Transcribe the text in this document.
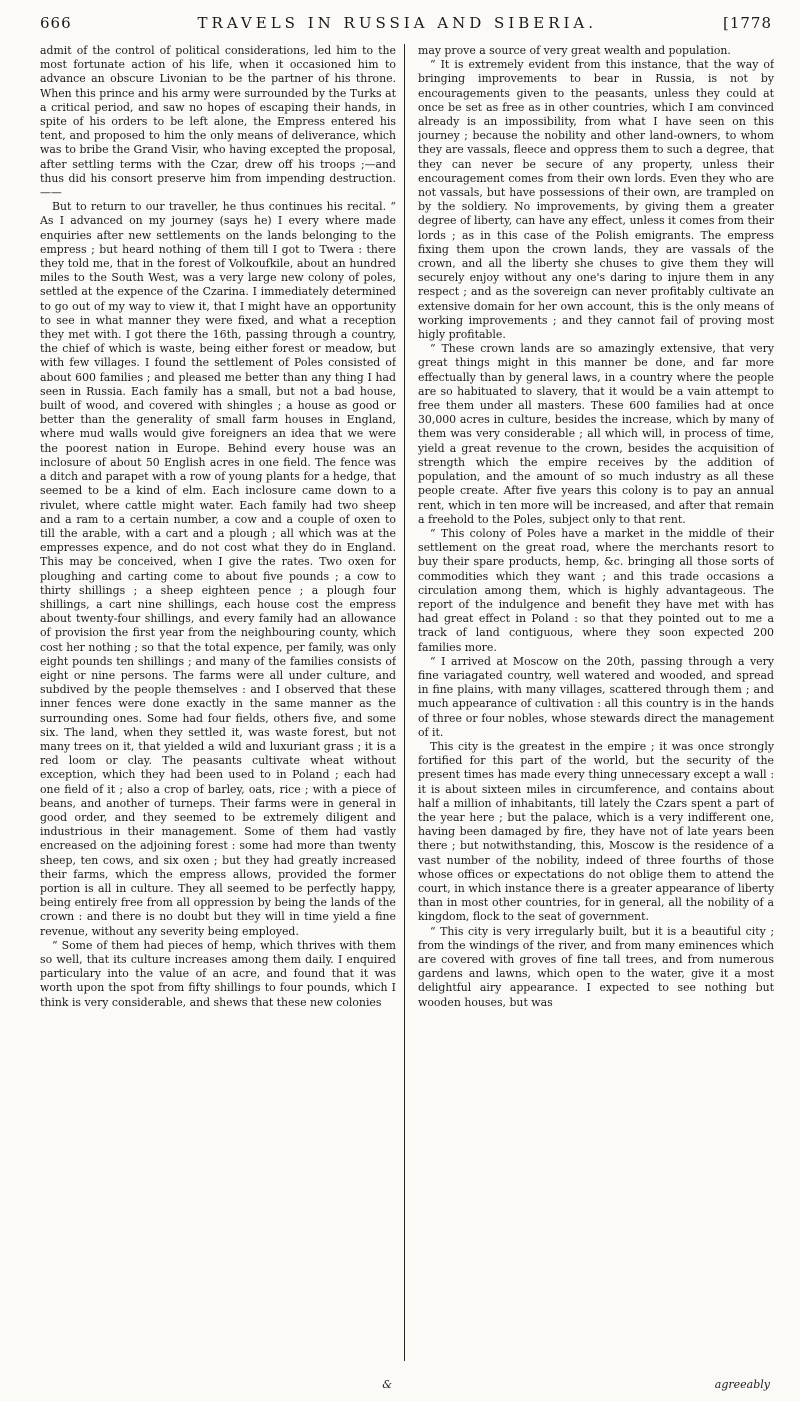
666	TRAVELS IN RUSSIA AND SIBERIA.	[1778

admit of the control of political considerations, led him to the most fortunate action of his life, when it occasioned him to advance an obscure Livonian to be the partner of his throne. When this prince and his army were surrounded by the Turks at a critical period, and saw no hopes of escaping their hands, in spite of his orders to be left alone, the Empress entered his tent, and proposed to him the only means of deliverance, which was to bribe the Grand Visir, who having excepted the proposal, after settling terms with the Czar, drew off his troops ;—and thus did his consort preserve him from impending destruction.——

But to return to our traveller, he thus continues his recital. “ As I advanced on my journey (says he) I every where made enquiries after new settlements on the lands belonging to the empress ; but heard nothing of them till I got to Twera : there they told me, that in the forest of Volkoufkile, about an hundred miles to the South West, was a very large new colony of poles, settled at the expence of the Czarina. I immediately determined to go out of my way to view it, that I might have an opportunity to see in what manner they were fixed, and what a reception they met with. I got there the 16th, passing through a country, the chief of which is waste, being either forest or meadow, but with few villages. I found the settlement of Poles consisted of about 600 families ; and pleased me better than any thing I had seen in Russia. Each family has a small, but not a bad house, built of wood, and covered with shingles ; a house as good or better than the generality of small farm houses in England, where mud walls would give foreigners an idea that we were the poorest nation in Europe. Behind every house was an inclosure of about 50 English acres in one field. The fence was a ditch and parapet with a row of young plants for a hedge, that seemed to be a kind of elm. Each inclosure came down to a rivulet, where cattle might water. Each family had two sheep and a ram to a certain number, a cow and a couple of oxen to till the arable, with a cart and a plough ; all which was at the empresses expence, and do not cost what they do in England. This may be conceived, when I give the rates. Two oxen for ploughing and carting come to about five pounds ; a cow to thirty shillings ; a sheep eighteen pence ; a plough four shillings, a cart nine shillings, each house cost the empress about twenty-four shillings, and every family had an allowance of provision the first year from the neighbouring county, which cost her nothing ; so that the total expence, per family, was only eight pounds ten shillings ; and many of the families consists of eight or nine persons. The farms were all under culture, and subdived by the people themselves : and I observed that these inner fences were done exactly in the same manner as the surrounding ones. Some had four fields, others five, and some six. The land, when they settled it, was waste forest, but not many trees on it, that yielded a wild and luxuriant grass ; it is a red loom or clay. The peasants cultivate wheat without exception, which they had been used to in Poland ; each had one field of it ; also a crop of barley, oats, rice ; with a piece of beans, and another of turneps. Their farms were in general in good order, and they seemed to be extremely diligent and industrious in their management. Some of them had vastly encreased on the adjoining forest : some had more than twenty sheep, ten cows, and six oxen ; but they had greatly increased their farms, which the empress allows, provided the former portion is all in culture. They all seemed to be perfectly happy, being entirely free from all oppression by being the lands of the crown : and there is no doubt but they will in time yield a fine revenue, without any severity being employed.

“ Some of them had pieces of hemp, which thrives with them so well, that its culture increases among them daily. I enquired particulary into the value of an acre, and found that it was worth upon the spot from fifty shillings to four pounds, which I think is very considerable, and shews that these new colonies

&

may prove a source of very great wealth and population.

“ It is extremely evident from this instance, that the way of bringing improvements to bear in Russia, is not by encouragements given to the peasants, unless they could at once be set as free as in other countries, which I am convinced already is an impossibility, from what I have seen on this journey ; because the nobility and other land-owners, to whom they are vassals, fleece and oppress them to such a degree, that they can never be secure of any property, unless their encouragement comes from their own lords. Even they who are not vassals, but have possessions of their own, are trampled on by the soldiery. No improvements, by giving them a greater degree of liberty, can have any effect, unless it comes from their lords ; as in this case of the Polish emigrants. The empress fixing them upon the crown lands, they are vassals of the crown, and all the liberty she chuses to give them they will securely enjoy without any one's daring to injure them in any respect ; and as the sovereign can never profitably cultivate an extensive domain for her own account, this is the only means of working improvements ; and they cannot fail of proving most higly profitable.

“ These crown lands are so amazingly extensive, that very great things might in this manner be done, and far more effectually than by general laws, in a country where the people are so habituated to slavery, that it would be a vain attempt to free them under all masters. These 600 families had at once 30,000 acres in culture, besides the increase, which by many of them was very considerable ; all which will, in process of time, yield a great revenue to the crown, besides the acquisition of strength which the empire receives by the addition of population, and the amount of so much industry as all these people create. After five years this colony is to pay an annual rent, which in ten more will be increased, and after that remain a freehold to the Poles, subject only to that rent.

“ This colony of Poles have a market in the middle of their settlement on the great road, where the merchants resort to buy their spare products, hemp, &c. bringing all those sorts of commodities which they want ; and this trade occasions a circulation among them, which is highly advantageous. The report of the indulgence and benefit they have met with has had great effect in Poland : so that they pointed out to me a track of land contiguous, where they soon expected 200 families more.

“ I arrived at Moscow on the 20th, passing through a very fine variagated country, well watered and wooded, and spread in fine plains, with many villages, scattered through them ; and much appearance of cultivation : all this country is in the hands of three or four nobles, whose stewards direct the management of it.

This city is the greatest in the empire ; it was once strongly fortified for this part of the world, but the security of the present times has made every thing unnecessary except a wall : it is about sixteen miles in circumference, and contains about half a million of inhabitants, till lately the Czars spent a part of the year here ; but the palace, which is a very indifferent one, having been damaged by fire, they have not of late years been there ; but notwithstanding, this, Moscow is the residence of a vast number of the nobility, indeed of three fourths of those whose offices or expectations do not oblige them to attend the court, in which instance there is a greater appearance of liberty than in most other countries, for in general, all the nobility of a kingdom, flock to the seat of government.

“ This city is very irregularly built, but it is a beautiful city ; from the windings of the river, and from many eminences which are covered with groves of fine tall trees, and from numerous gardens and lawns, which open to the water, give it a most delightful airy appearance. I expected to see nothing but wooden houses, but was

agreeably
